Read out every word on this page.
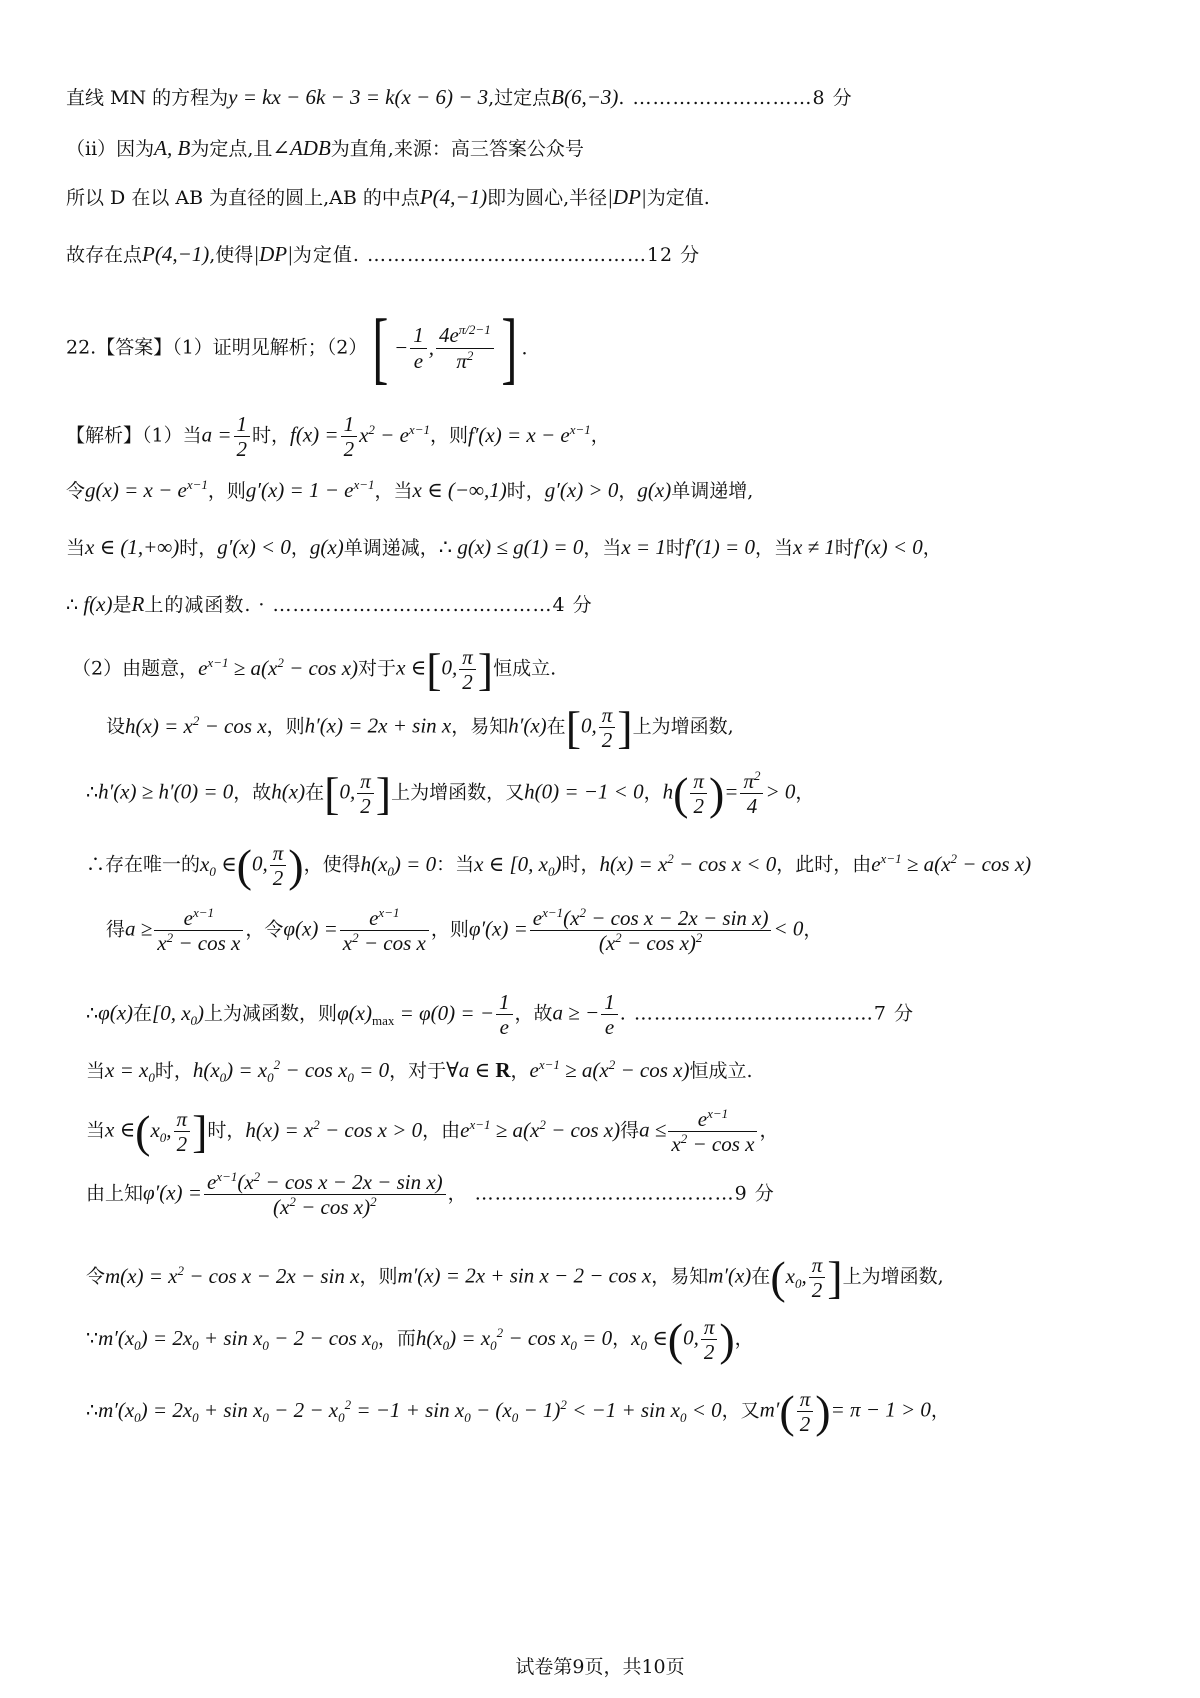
直线 MN 的方程为y = kx − 6k − 3 = k(x − 6) − 3,过定点B(6,−3). ………………………8 分
（ii）因为A, B为定点,且∠ADB为直角,来源：高三答案公众号
所以 D 在以 AB 为直径的圆上,AB 的中点P(4,−1)即为圆心,半径|DP|为定值.
故存在点P(4,−1),使得|DP|为定值. ……………………………………12 分
22.【答案】（1）证明见解析；$(2)[ - \frac{1}{e}$ , $\frac{4e^{\pi/2-1}}{\pi^2}$ ] .
【解析】（1）当$a = \frac{1}{2}$ 时，$f(x) = \frac{1}{2} x^2 - e^{x-1}$，则$f'(x) = x - e^{x-1}$，
令$g(x) = x - e^{x-1}$，则$g'(x) = 1 - e^{x-1}$，当x ∈ (−∞,1)时，g′(x) > 0，g(x)单调递增,
当x ∈ (1,+∞)时，g′(x) < 0，g(x)单调递减，∴ g(x) ≤ g(1) = 0，当x = 1时f′(1) = 0，当x ≠ 1时f′(x) < 0，
∴ f(x)是R上的减函数. · ……………………………………4 分
（2）由题意，$e^{x-1} \ge a(x^2 - \cos x)$对于x ∈[0, $\frac{\pi}{2}$ ]恒成立.
设$h(x) = x^2 - \cos x$，则h′(x) = 2x + sin x，易知h′(x)在[0, $\frac{\pi}{2}$ ]上为增函数,
∴h′(x) ≥ h′(0) = 0，故h(x)在[0, $\frac{\pi}{2}$ ]上为增函数，又h(0) = −1 < 0，$h( \frac{\pi}{2}$ )= $\frac{\pi^2}{4} > 0$，
∴存在唯一的$x_0$ ∈(0, $\frac{\pi}{2}$ )，使得$h(x_0) = 0$：当x ∈ [0, $x_0$)时，$h(x) = x^2 - \cos x < 0$，此时，由$e^{x-1} \ge a(x^2 - \cos x)$
得$a \ge \frac{e^{x-1}}{x^2 - \cos x}$ ，令$\varphi(x) = \frac{e^{x-1}}{x^2 - \cos x}$ ，则$\varphi'(x) = \frac{e^{x-1}(x^2 - \cos x - 2x - \sin x)}{(x^2 - \cos x)^2} < 0$，
∴φ(x)在[0, $x_0$)上为减函数，则$\varphi(x)_{max} = \varphi(0)$ = − $\frac{1}{e}$ ，故a ≥ − $\frac{1}{e}$ . ………………………………7 分
当$x = x_0$时，$h(x_0) = x_0^2 - \cos x_0 = 0$，对于∀a ∈ R，$e^{x-1} \ge a(x^2 - \cos x)$恒成立.
当x $\in(x_0$, $\frac{\pi}{2}$ ]时，$h(x) = x^2 - \cos x > 0$，由$e^{x-1} \ge a(x^2 - \cos x)$得$a \le \frac{e^{x-1}}{x^2 - \cos x}$ ，
由上知$\varphi'(x) = \frac{e^{x-1}(x^2 - \cos x - 2x - \sin x)}{(x^2 - \cos x)^2}$ ， …………………………………9 分
令$m(x) = x^2 - \cos x - 2x - \sin x$，则m′(x) = 2x + sin x − 2 − cos x，易知m′(x)在($x_0$, $\frac{\pi}{2}$ ]上为增函数,
$\because m'(x_0) = 2x_0 + \sin x_0 - 2 - \cos x_0$，而$h(x_0) = x_0^2 - \cos x_0 = 0$，$x_0$ ∈(0, $\frac{\pi}{2}$ )，
$\therefore m'(x_0) = 2x_0 + \sin x_0 - 2 - x_0^2 = -1 + \sin x_0 - (x_0 - 1)^2 < -1 + \sin x_0 < 0$，又$m'( \frac{\pi}{2}$ )= π − 1 > 0，
试卷第9页，共10页
